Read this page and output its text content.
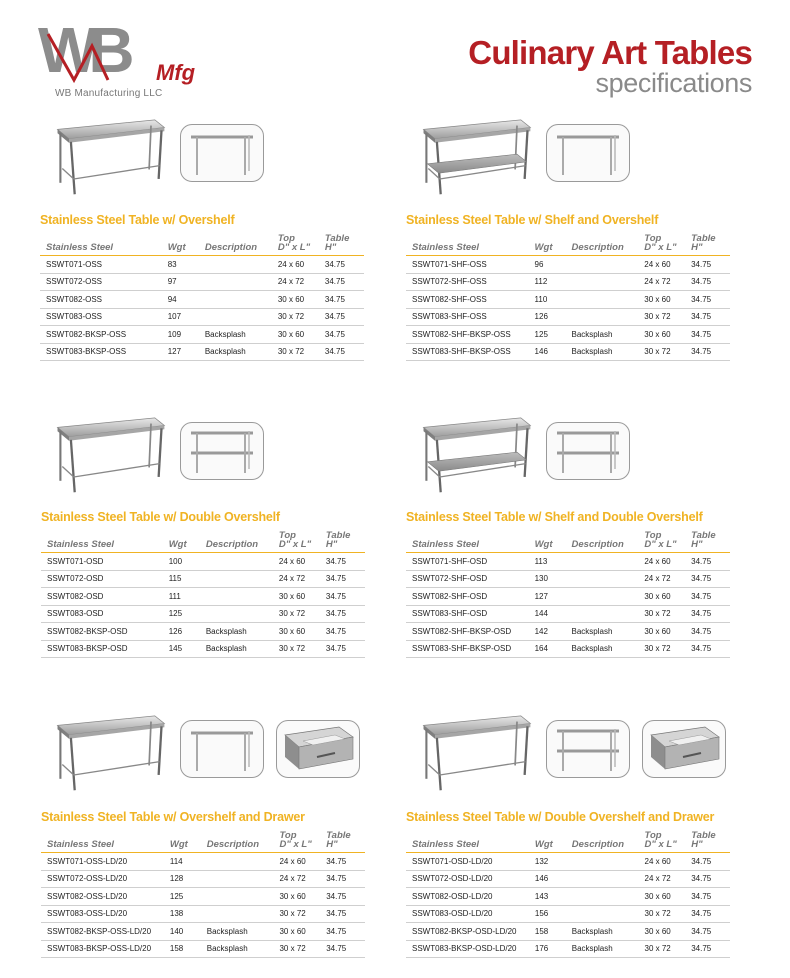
WB	Mfg
WB Manufacturing LLC
Culinary Art Tables
specifications
Stainless Steel Table w/ Overshelf
Stainless Steel	Wgt	Description	Top
D" x L"	Table
H"
SSWT071-OSS	83		24 x 60	34.75
SSWT072-OSS	97		24 x 72	34.75
SSWT082-OSS	94		30 x 60	34.75
SSWT083-OSS	107		30 x 72	34.75
SSWT082-BKSP-OSS	109	Backsplash	30 x 60	34.75
SSWT083-BKSP-OSS	127	Backsplash	30 x 72	34.75
Stainless Steel Table w/ Shelf and Overshelf
Stainless Steel	Wgt	Description	Top
D" x L"	Table
H"
SSWT071-SHF-OSS	96		24 x 60	34.75
SSWT072-SHF-OSS	112		24 x 72	34.75
SSWT082-SHF-OSS	110		30 x 60	34.75
SSWT083-SHF-OSS	126		30 x 72	34.75
SSWT082-SHF-BKSP-OSS	125	Backsplash	30 x 60	34.75
SSWT083-SHF-BKSP-OSS	146	Backsplash	30 x 72	34.75
Stainless Steel Table w/ Double Overshelf
Stainless Steel	Wgt	Description	Top
D" x L"	Table
H"
SSWT071-OSD	100		24 x 60	34.75
SSWT072-OSD	115		24 x 72	34.75
SSWT082-OSD	111		30 x 60	34.75
SSWT083-OSD	125		30 x 72	34.75
SSWT082-BKSP-OSD	126	Backsplash	30 x 60	34.75
SSWT083-BKSP-OSD	145	Backsplash	30 x 72	34.75
Stainless Steel Table w/ Shelf and Double Overshelf
Stainless Steel	Wgt	Description	Top
D" x L"	Table
H"
SSWT071-SHF-OSD	113		24 x 60	34.75
SSWT072-SHF-OSD	130		24 x 72	34.75
SSWT082-SHF-OSD	127		30 x 60	34.75
SSWT083-SHF-OSD	144		30 x 72	34.75
SSWT082-SHF-BKSP-OSD	142	Backsplash	30 x 60	34.75
SSWT083-SHF-BKSP-OSD	164	Backsplash	30 x 72	34.75
Stainless Steel Table w/ Overshelf and Drawer
Stainless Steel	Wgt	Description	Top
D" x L"	Table
H"
SSWT071-OSS-LD/20	114		24 x 60	34.75
SSWT072-OSS-LD/20	128		24 x 72	34.75
SSWT082-OSS-LD/20	125		30 x 60	34.75
SSWT083-OSS-LD/20	138		30 x 72	34.75
SSWT082-BKSP-OSS-LD/20	140	Backsplash	30 x 60	34.75
SSWT083-BKSP-OSS-LD/20	158	Backsplash	30 x 72	34.75
Stainless Steel Table w/ Double Overshelf and Drawer
Stainless Steel	Wgt	Description	Top
D" x L"	Table
H"
SSWT071-OSD-LD/20	132		24 x 60	34.75
SSWT072-OSD-LD/20	146		24 x 72	34.75
SSWT082-OSD-LD/20	143		30 x 60	34.75
SSWT083-OSD-LD/20	156		30 x 72	34.75
SSWT082-BKSP-OSD-LD/20	158	Backsplash	30 x 60	34.75
SSWT083-BKSP-OSD-LD/20	176	Backsplash	30 x 72	34.75
